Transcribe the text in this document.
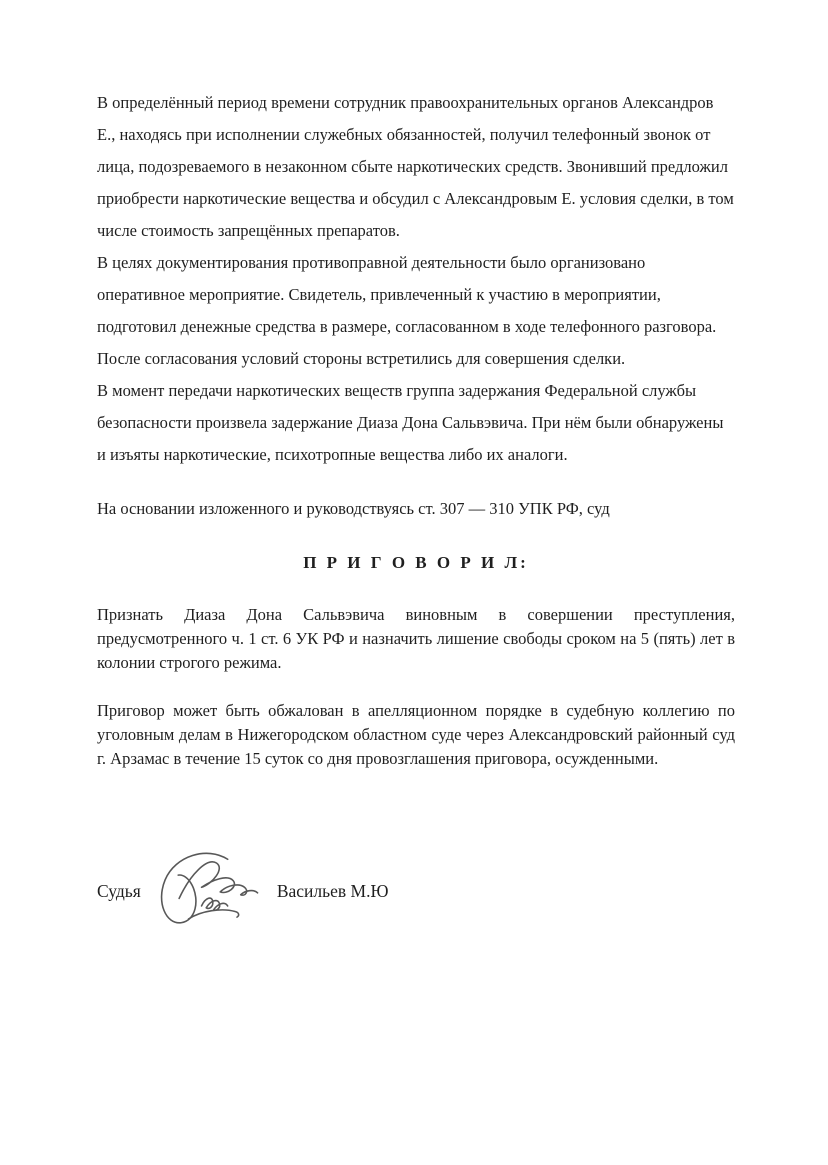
В определённый период времени сотрудник правоохранительных органов Александров Е., находясь при исполнении служебных обязанностей, получил телефонный звонок от лица, подозреваемого в незаконном сбыте наркотических средств. Звонивший предложил приобрести наркотические вещества и обсудил с Александровым Е. условия сделки, в том числе стоимость запрещённых препаратов.

В целях документирования противоправной деятельности было организовано оперативное мероприятие. Свидетель, привлеченный к участию в мероприятии, подготовил денежные средства в размере, согласованном в ходе телефонного разговора. После согласования условий стороны встретились для совершения сделки.

В момент передачи наркотических веществ группа задержания Федеральной службы безопасности произвела задержание Диаза Дона Сальвэвича. При нём были обнаружены и изъяты наркотические, психотропные вещества либо их аналоги.

На основании изложенного и руководствуясь ст. 307 — 310 УПК РФ, суд
П Р И Г О В О Р И Л:

Признать Диаза Дона Сальвэвича виновным в совершении преступления, предусмотренного ч. 1 ст. 6 УК РФ и назначить лишение свободы сроком на 5 (пять) лет в колонии строгого режима.

Приговор может быть обжалован в апелляционном порядке в судебную коллегию по уголовным делам в Нижегородском областном суде через Александровский районный суд г. Арзамас в течение 15 суток со дня провозглашения приговора, осужденными.

Судья	Васильев М.Ю
